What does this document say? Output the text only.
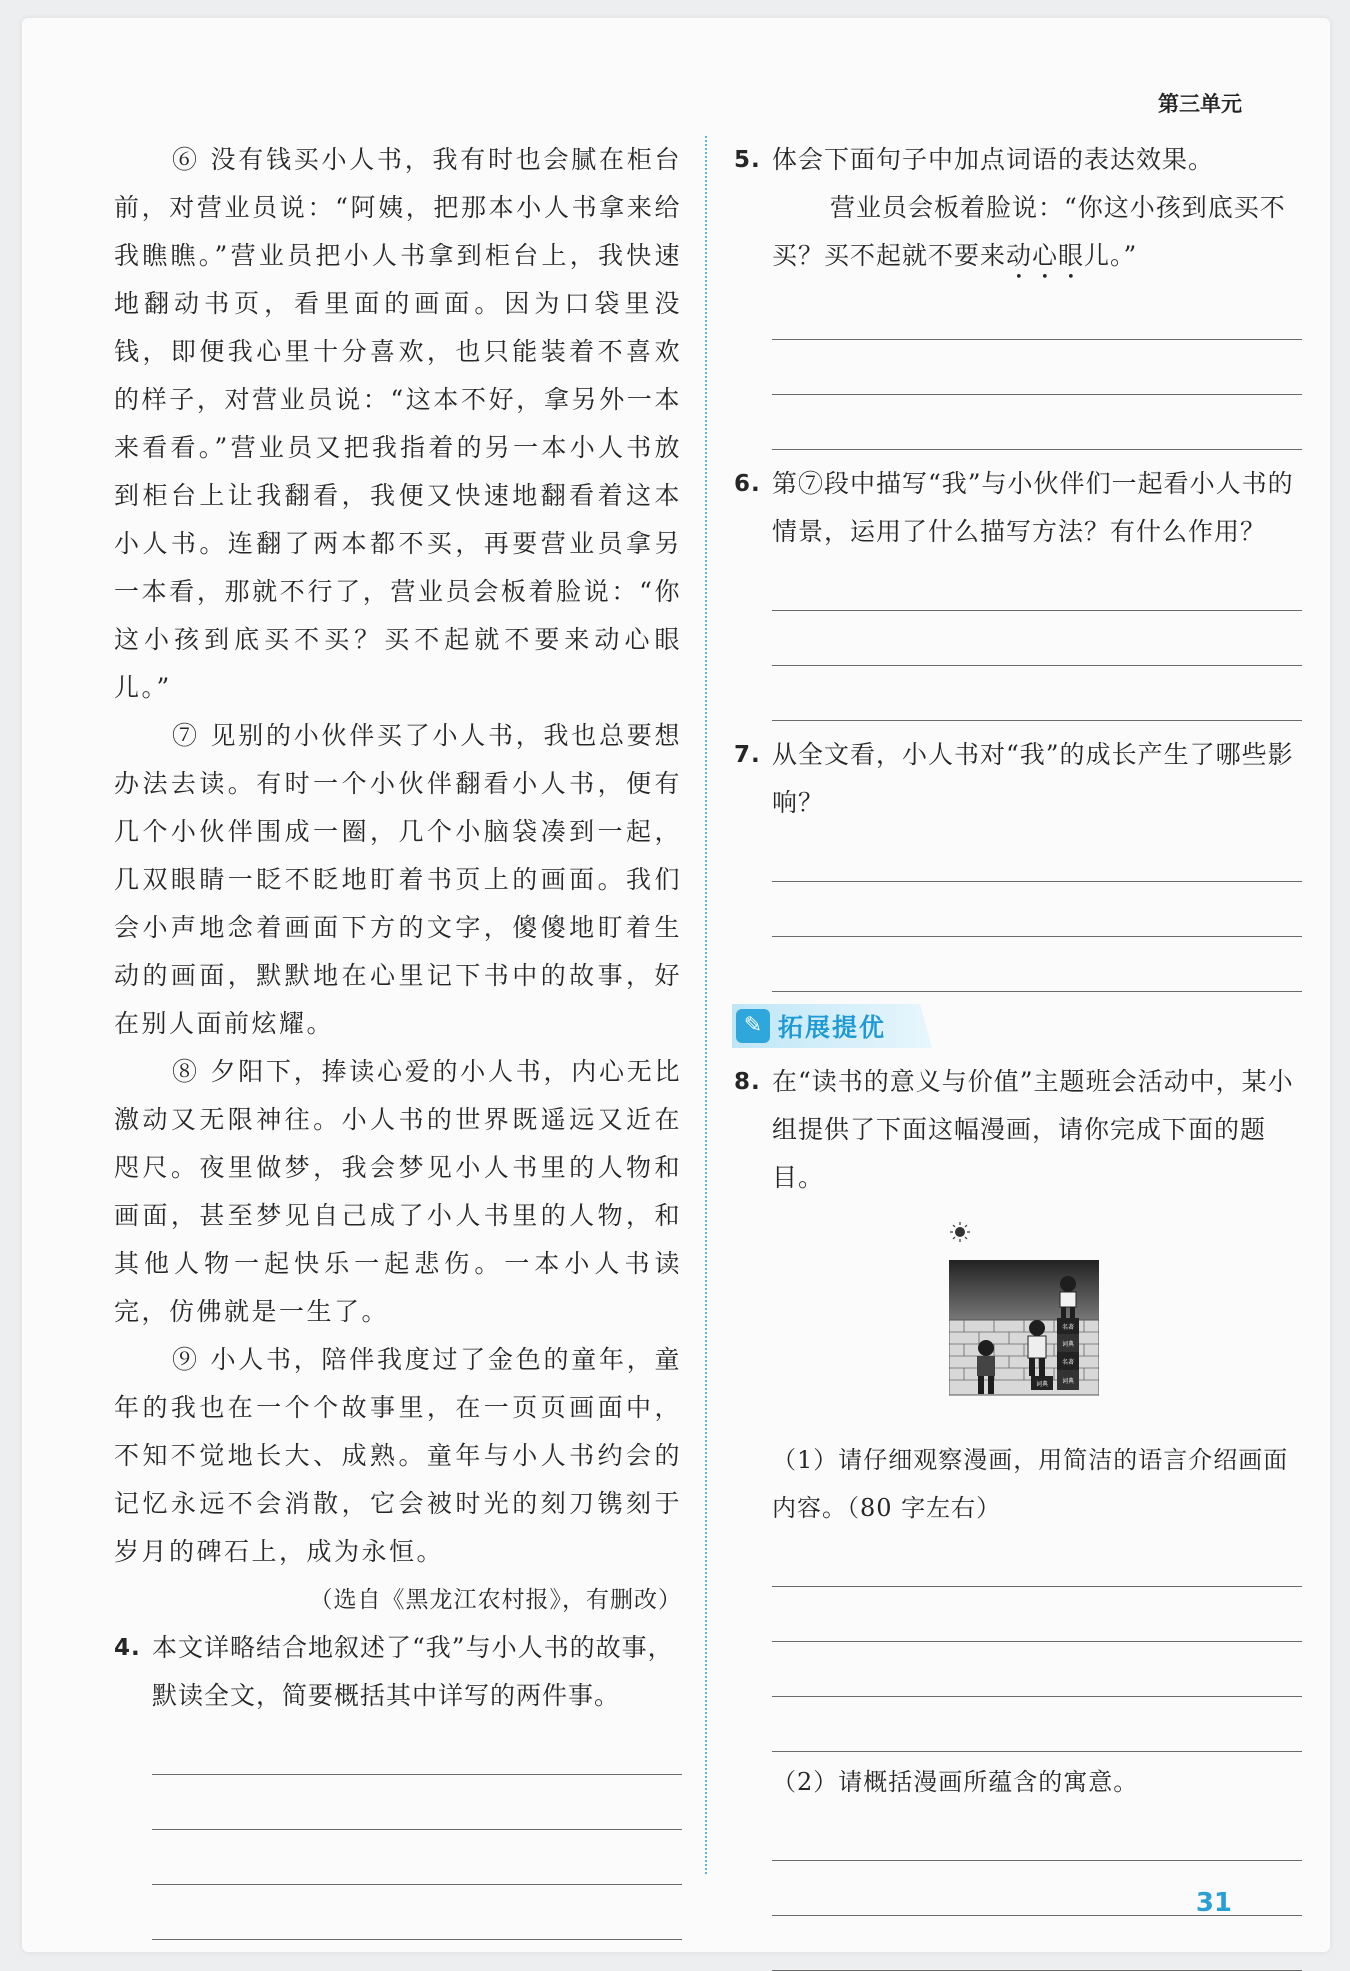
第三单元

⑥ 没有钱买小人书，我有时也会腻在柜台前，对营业员说：“阿姨，把那本小人书拿来给我瞧瞧。”营业员把小人书拿到柜台上，我快速地翻动书页，看里面的画面。因为口袋里没钱，即便我心里十分喜欢，也只能装着不喜欢的样子，对营业员说：“这本不好，拿另外一本来看看。”营业员又把我指着的另一本小人书放到柜台上让我翻看，我便又快速地翻看着这本小人书。连翻了两本都不买，再要营业员拿另一本看，那就不行了，营业员会板着脸说：“你这小孩到底买不买？买不起就不要来动心眼儿。”

⑦ 见别的小伙伴买了小人书，我也总要想办法去读。有时一个小伙伴翻看小人书，便有几个小伙伴围成一圈，几个小脑袋凑到一起，几双眼睛一眨不眨地盯着书页上的画面。我们会小声地念着画面下方的文字，傻傻地盯着生动的画面，默默地在心里记下书中的故事，好在别人面前炫耀。

⑧ 夕阳下，捧读心爱的小人书，内心无比激动又无限神往。小人书的世界既遥远又近在咫尺。夜里做梦，我会梦见小人书里的人物和画面，甚至梦见自己成了小人书里的人物，和其他人物一起快乐一起悲伤。一本小人书读完，仿佛就是一生了。

⑨ 小人书，陪伴我度过了金色的童年，童年的我也在一个个故事里，在一页页画面中，不知不觉地长大、成熟。童年与小人书约会的记忆永远不会消散，它会被时光的刻刀镌刻于岁月的碑石上，成为永恒。

（选自《黑龙江农村报》，有删改）

4. 本文详略结合地叙述了“我”与小人书的故事，默读全文，简要概括其中详写的两件事。
5. 体会下面句子中加点词语的表达效果。

营业员会板着脸说：“你这小孩到底买不买？买不起就不要来动心眼儿。”

6. 第⑦段中描写“我”与小伙伴们一起看小人书的情景，运用了什么描写方法？有什么作用？
7. 从全文看，小人书对“我”的成长产生了哪些影响？
✎ 拓展提优
8. 在“读书的意义与价值”主题班会活动中，某小组提供了下面这幅漫画，请你完成下面的题目。
名著
词典
名著
词典
词典

（1）请仔细观察漫画，用简洁的语言介绍画面内容。（80 字左右）

（2）请概括漫画所蕴含的寓意。

31
